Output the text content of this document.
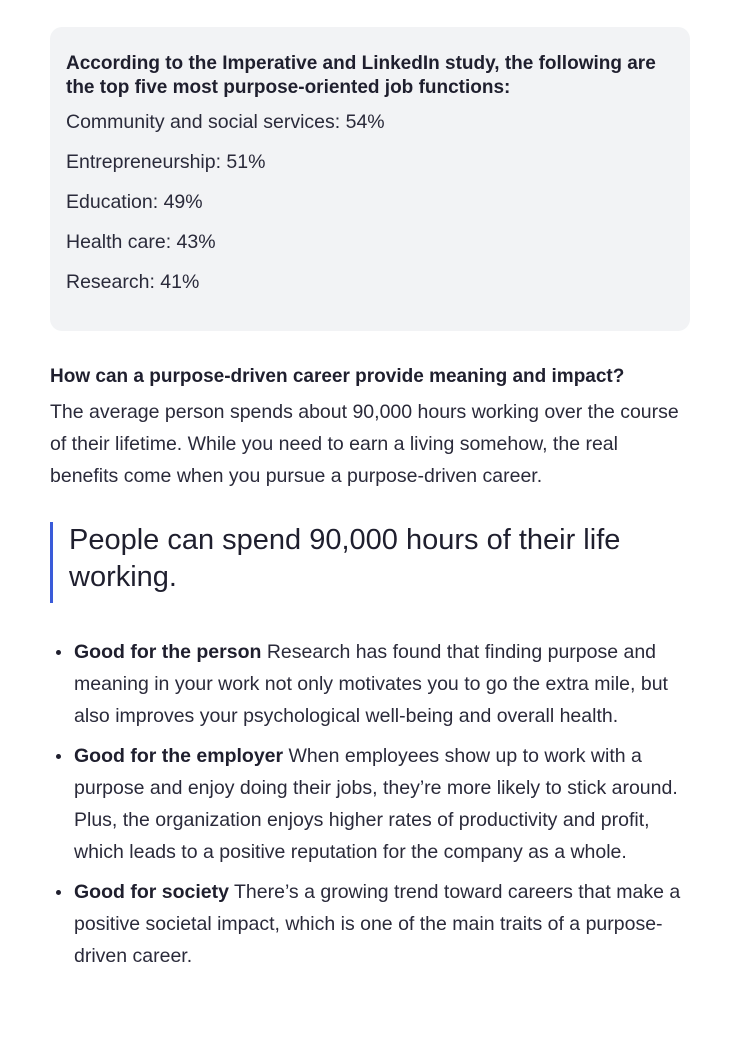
According to the Imperative and LinkedIn study, the following are the top five most purpose-oriented job functions:

Community and social services: 54%
Entrepreneurship: 51%
Education: 49%
Health care: 43%
Research: 41%
How can a purpose-driven career provide meaning and impact?

The average person spends about 90,000 hours working over the course of their lifetime. While you need to earn a living somehow, the real benefits come when you pursue a purpose-driven career.

People can spend 90,000 hours of their life working.

Good for the person Research has found that finding purpose and meaning in your work not only motivates you to go the extra mile, but also improves your psychological well-being and overall health.
Good for the employer When employees show up to work with a purpose and enjoy doing their jobs, they’re more likely to stick around. Plus, the organization enjoys higher rates of productivity and profit, which leads to a positive reputation for the company as a whole.
Good for society There’s a growing trend toward careers that make a positive societal impact, which is one of the main traits of a purpose-driven career.
